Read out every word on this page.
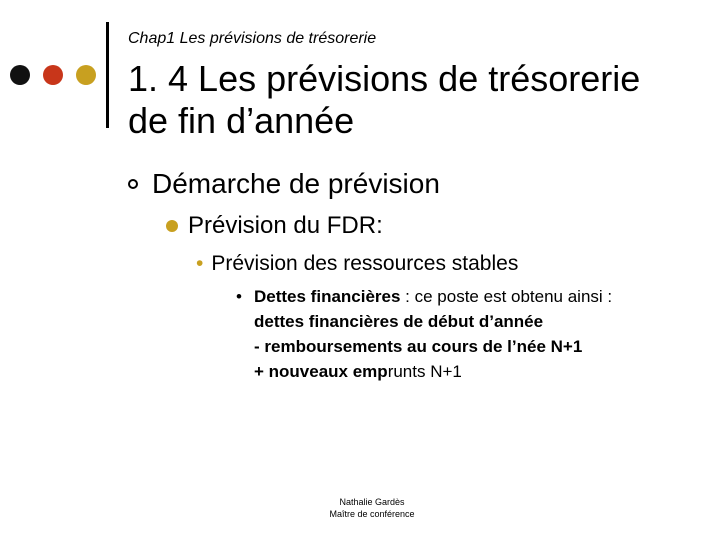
Chap1 Les prévisions de trésorerie
1. 4 Les prévisions de trésorerie
de fin d’année
Démarche de prévision
Prévision du FDR:
• Prévision des ressources stables
• Dettes financières : ce poste est obtenu ainsi :
dettes financières de début d’année
- remboursements au cours de l’née N+1
+ nouveaux emprunts N+1
Nathalie Gardès
Maître de conférence
